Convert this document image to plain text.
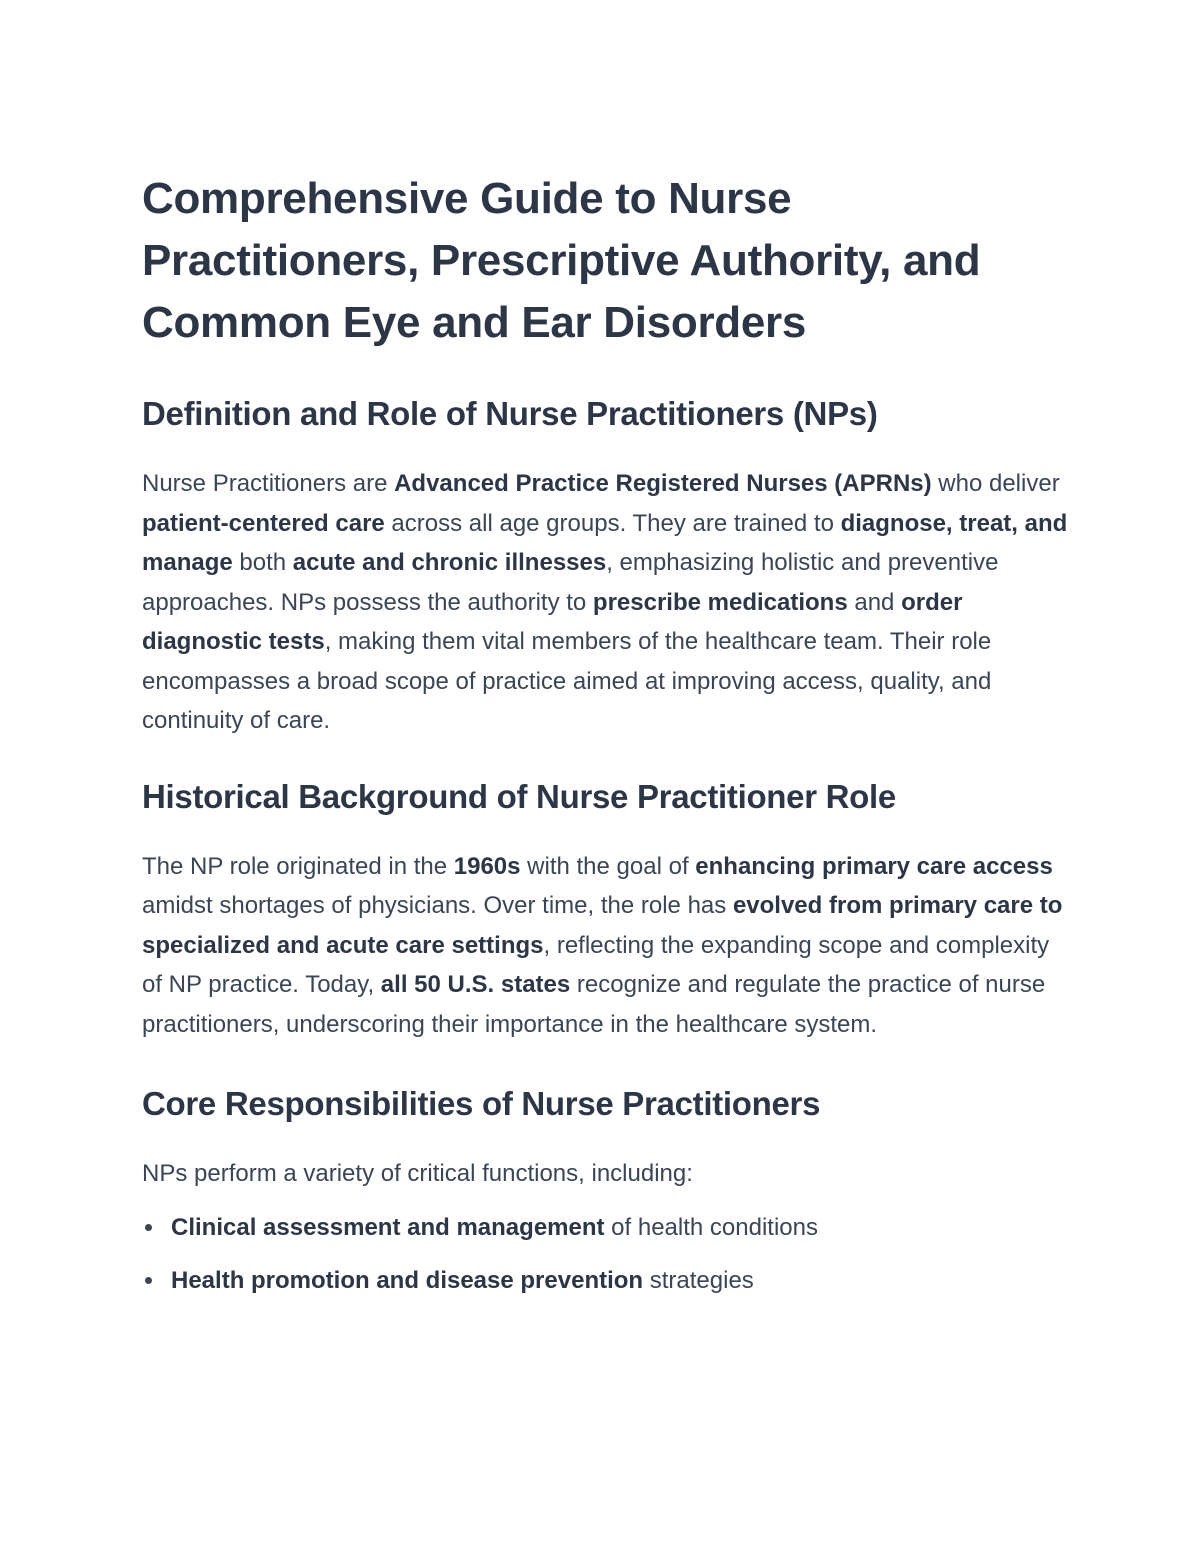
Comprehensive Guide to Nurse Practitioners, Prescriptive Authority, and Common Eye and Ear Disorders
Definition and Role of Nurse Practitioners (NPs)

Nurse Practitioners are Advanced Practice Registered Nurses (APRNs) who deliver patient-centered care across all age groups. They are trained to diagnose, treat, and manage both acute and chronic illnesses, emphasizing holistic and preventive approaches. NPs possess the authority to prescribe medications and order diagnostic tests, making them vital members of the healthcare team. Their role encompasses a broad scope of practice aimed at improving access, quality, and continuity of care.

Historical Background of Nurse Practitioner Role

The NP role originated in the 1960s with the goal of enhancing primary care access amidst shortages of physicians. Over time, the role has evolved from primary care to specialized and acute care settings, reflecting the expanding scope and complexity of NP practice. Today, all 50 U.S. states recognize and regulate the practice of nurse practitioners, underscoring their importance in the healthcare system.

Core Responsibilities of Nurse Practitioners

NPs perform a variety of critical functions, including:

Clinical assessment and management of health conditions
Health promotion and disease prevention strategies
